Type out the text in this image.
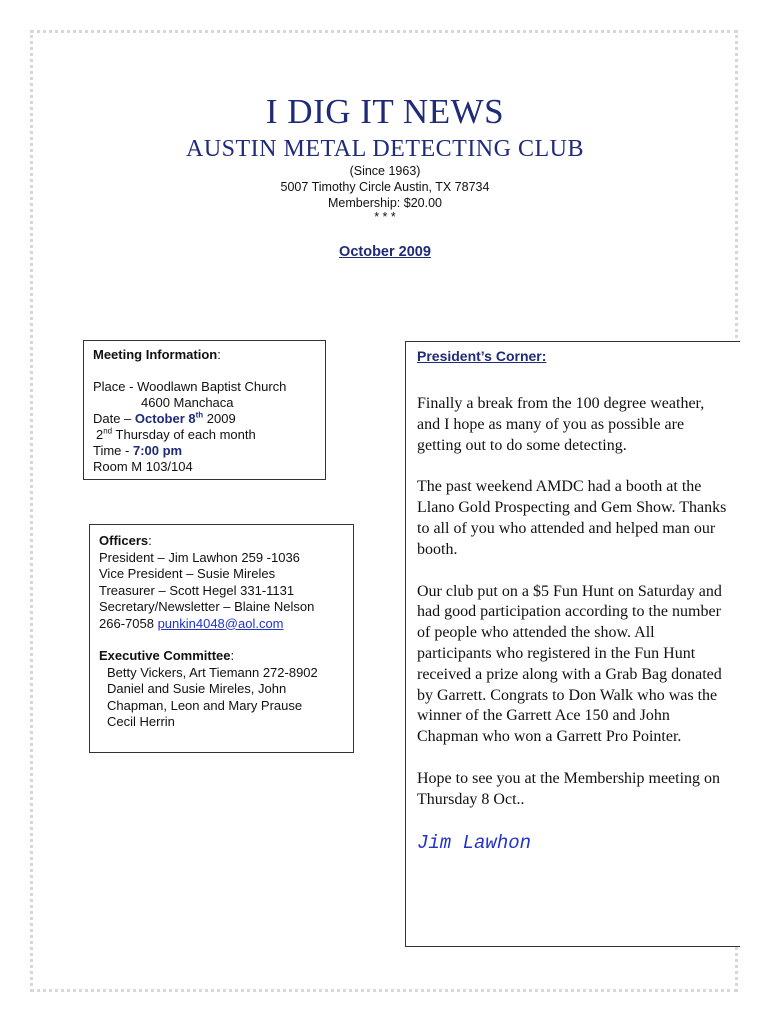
I DIG IT NEWS
AUSTIN METAL DETECTING CLUB
(Since 1963)
5007 Timothy Circle Austin, TX 78734
Membership: $20.00
* * *
October 2009
Meeting Information:
Place - Woodlawn Baptist Church
4600 Manchaca
Date – October 8th 2009
2nd Thursday of each month
Time - 7:00 pm
Room M 103/104
Officers:
President – Jim Lawhon 259 -1036
Vice President – Susie Mireles
Treasurer – Scott Hegel 331-1131
Secretary/Newsletter – Blaine Nelson
266-7058 punkin4048@aol.com
Executive Committee:
Betty Vickers, Art Tiemann 272-8902
Daniel and Susie Mireles, John
Chapman, Leon and Mary Prause
Cecil Herrin
President’s Corner:

Finally a break from the 100 degree weather, and I hope as many of you as possible are getting out to do some detecting.

The past weekend AMDC had a booth at the Llano Gold Prospecting and Gem Show. Thanks to all of you who attended and helped man our booth.

Our club put on a $5 Fun Hunt on Saturday and had good participation according to the number of people who attended the show. All participants who registered in the Fun Hunt received a prize along with a Grab Bag donated by Garrett. Congrats to Don Walk who was the winner of the Garrett Ace 150 and John Chapman who won a Garrett Pro Pointer.

Hope to see you at the Membership meeting on Thursday 8 Oct..

Jim Lawhon
